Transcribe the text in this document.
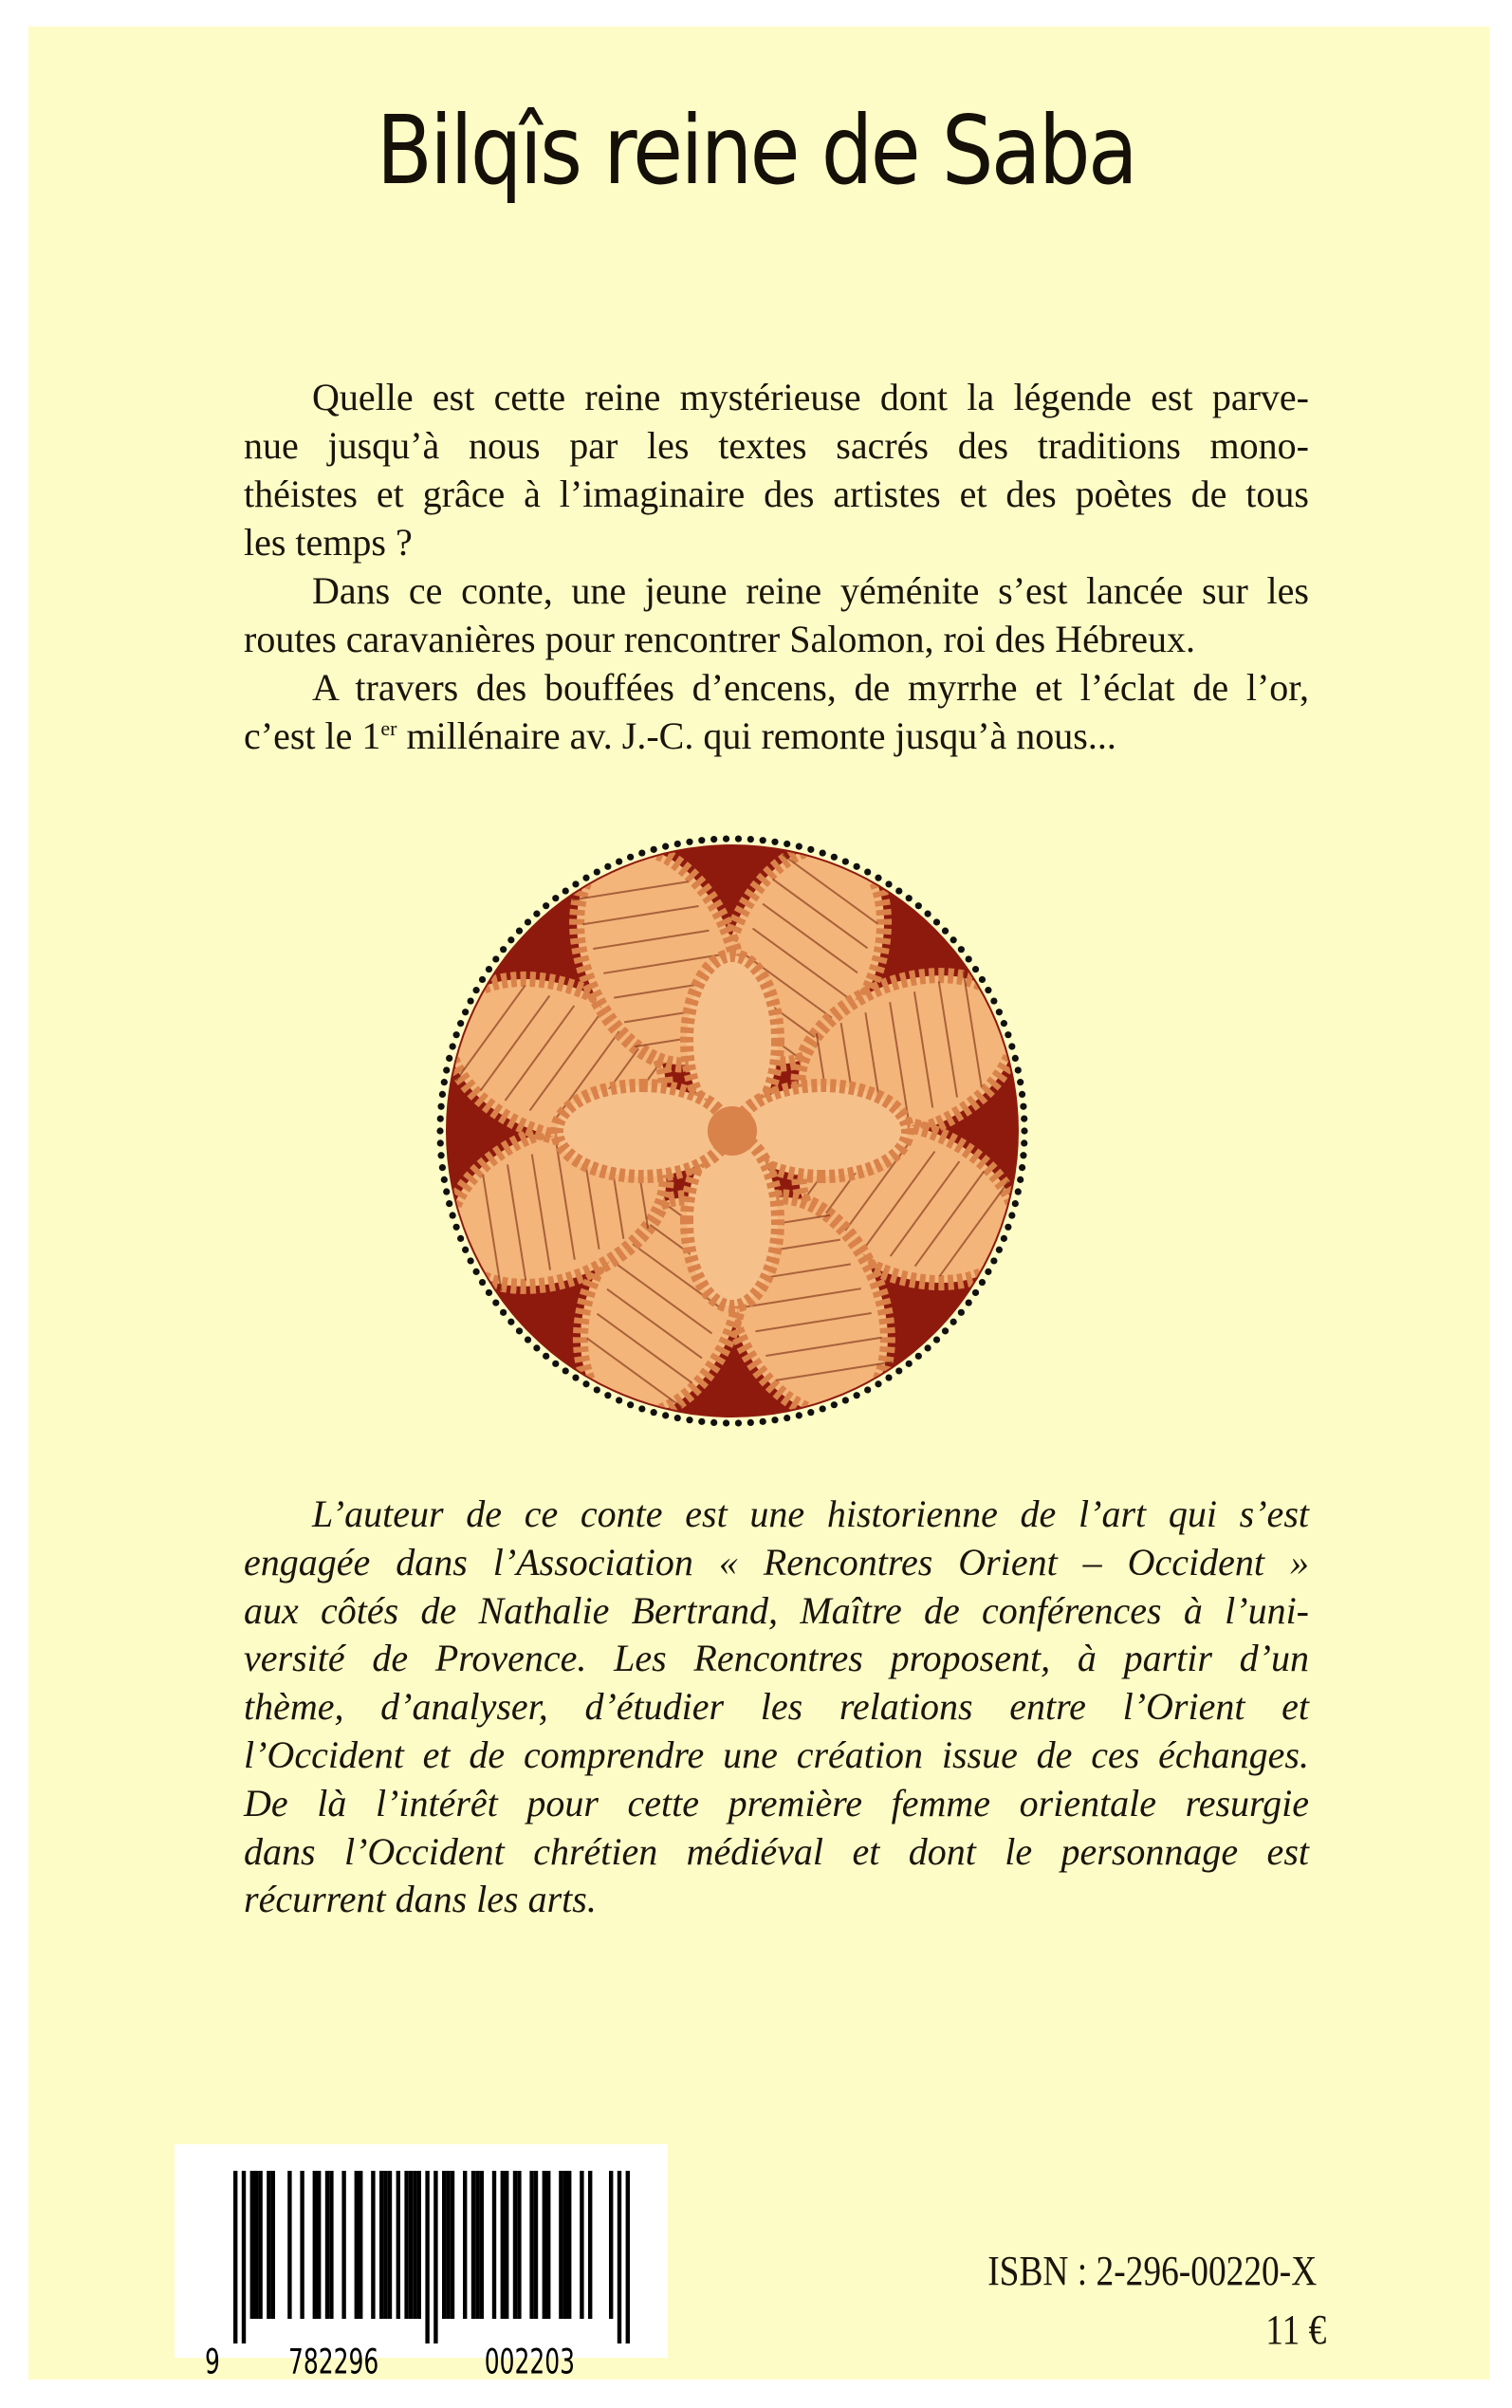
Bilqîs reine de Saba
Quelle est cette reine mystérieuse dont la légende est parve-
nue jusqu’à nous par les textes sacrés des traditions mono-
théistes et grâce à l’imaginaire des artistes et des poètes de tous
les temps ?
Dans ce conte, une jeune reine yéménite s’est lancée sur les
routes caravanières pour rencontrer Salomon, roi des Hébreux.
A travers des bouffées d’encens, de myrrhe et l’éclat de l’or,
c’est le 1er millénaire av. J.-C. qui remonte jusqu’à nous...
L’auteur de ce conte est une historienne de l’art qui s’est
engagée dans l’Association « Rencontres Orient – Occident »
aux côtés de Nathalie Bertrand, Maître de conférences à l’uni-
versité de Provence. Les Rencontres proposent, à partir d’un
thème, d’analyser, d’étudier les relations entre l’Orient et
l’Occident et de comprendre une création issue de ces échanges.
De là l’intérêt pour cette première femme orientale resurgie
dans l’Occident chrétien médiéval et dont le personnage est
récurrent dans les arts.
9 782296	002203
ISBN : 2-296-00220-X
11 €
